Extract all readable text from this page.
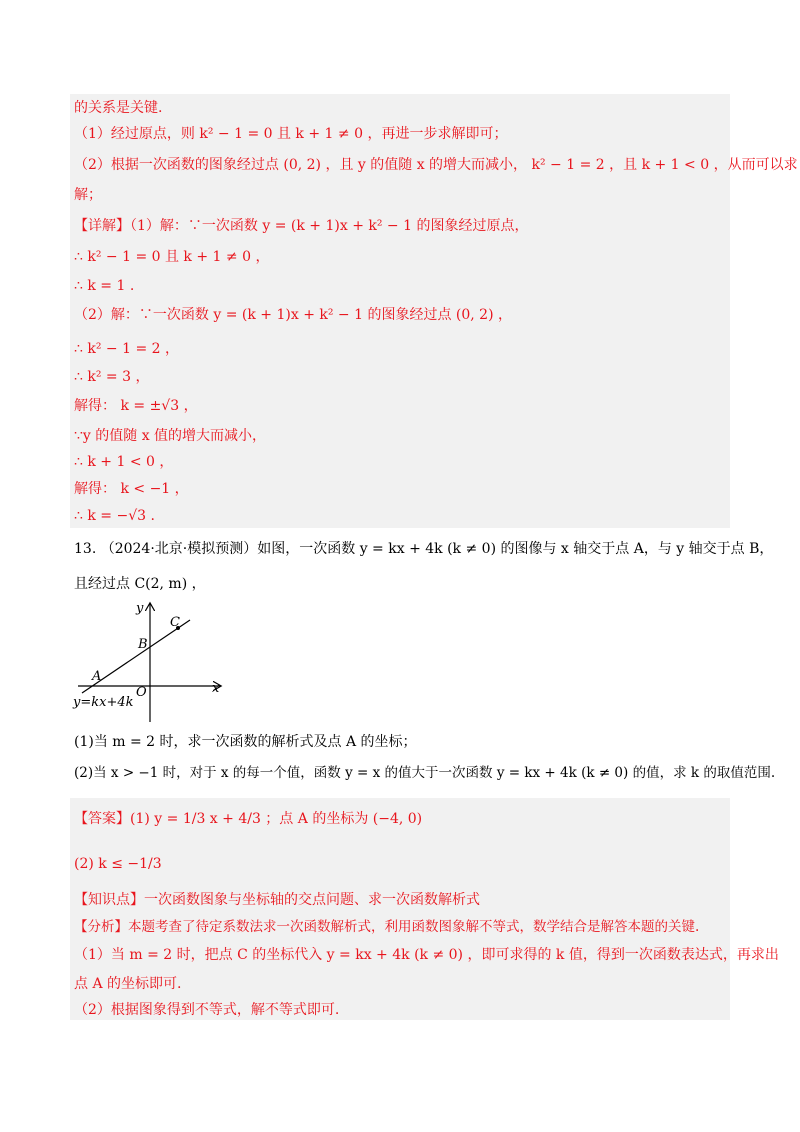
的关系是关键.
（1）经过原点，则 k² − 1 = 0 且 k + 1 ≠ 0 ，再进一步求解即可；
（2）根据一次函数的图象经过点 (0, 2) ，且 y 的值随 x 的增大而减小， k² − 1 = 2 ，且 k + 1 < 0 ，从而可以求
解；
【详解】（1）解：∵一次函数 y = (k + 1)x + k² − 1 的图象经过原点，
∴ k² − 1 = 0 且 k + 1 ≠ 0 ，
∴ k = 1 .
（2）解：∵一次函数 y = (k + 1)x + k² − 1 的图象经过点 (0, 2) ，
∴ k² − 1 = 2 ，
∴ k² = 3 ，
解得： k = ±√3 ，
∵y 的值随 x 值的增大而减小，
∴ k + 1 < 0 ，
解得： k < −1 ，
∴ k = −√3 .
13. （2024·北京·模拟预测）如图，一次函数 y = kx + 4k (k ≠ 0) 的图像与 x 轴交于点 A，与 y 轴交于点 B，
且经过点 C(2, m) ，
y
x
O
A
B
C
y=kx+4k
(1)当 m = 2 时，求一次函数的解析式及点 A 的坐标；
(2)当 x > −1 时，对于 x 的每一个值，函数 y = x 的值大于一次函数 y = kx + 4k (k ≠ 0) 的值，求 k 的取值范围.
【答案】(1) y = 1/3 x + 4/3 ；点 A 的坐标为 (−4, 0)
(2) k ≤ −1/3
【知识点】一次函数图象与坐标轴的交点问题、求一次函数解析式
【分析】本题考查了待定系数法求一次函数解析式，利用函数图象解不等式，数学结合是解答本题的关键.
（1）当 m = 2 时，把点 C 的坐标代入 y = kx + 4k (k ≠ 0) ，即可求得的 k 值，得到一次函数表达式，再求出
点 A 的坐标即可.
（2）根据图象得到不等式，解不等式即可.
